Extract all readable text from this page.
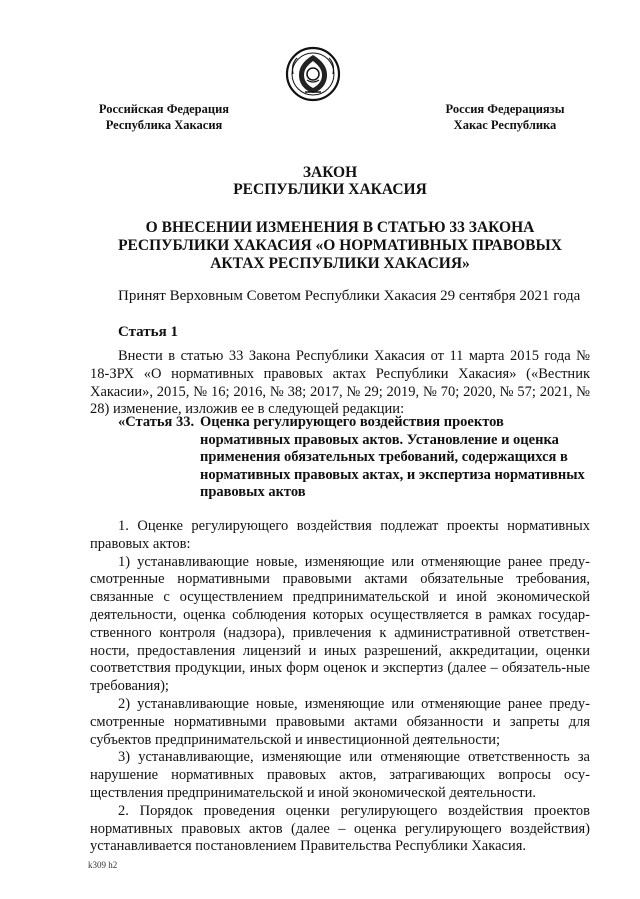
Российская Федерация
Республика Хакасия
Россия Федерациязы
Хакас Республика
ЗАКОН
РЕСПУБЛИКИ ХАКАСИЯ
О ВНЕСЕНИИ ИЗМЕНЕНИЯ В СТАТЬЮ 33 ЗАКОНА РЕСПУБЛИКИ ХАКАСИЯ «О НОРМАТИВНЫХ ПРАВОВЫХ АКТАХ РЕСПУБЛИКИ ХАКАСИЯ»
Принят Верховным Советом Республики Хакасия 29 сентября 2021 года
Статья 1

Внести в статью 33 Закона Республики Хакасия от 11 марта 2015 года № 18-ЗРХ «О нормативных правовых актах Республики Хакасия» («Вестник Хакасии», 2015, № 16; 2016, № 38; 2017, № 29; 2019, № 70; 2020, № 57; 2021, № 28) изменение, изложив ее в следующей редакции:

«Статья 33. Оценка регулирующего воздействия проектов нормативных правовых актов. Установление и оценка применения обязательных требований, содержащихся в нормативных правовых актах, и экспертиза нормативных правовых актов

1. Оценке регулирующего воздействия подлежат проекты нормативных правовых актов:

1) устанавливающие новые, изменяющие или отменяющие ранее преду-смотренные нормативными правовыми актами обязательные требования, связанные с осуществлением предпринимательской и иной экономической деятельности, оценка соблюдения которых осуществляется в рамках государ-ственного контроля (надзора), привлечения к административной ответствен-ности, предоставления лицензий и иных разрешений, аккредитации, оценки соответствия продукции, иных форм оценок и экспертиз (далее – обязатель-ные требования);

2) устанавливающие новые, изменяющие или отменяющие ранее преду-смотренные нормативными правовыми актами обязанности и запреты для субъектов предпринимательской и инвестиционной деятельности;

3) устанавливающие, изменяющие или отменяющие ответственность за нарушение нормативных правовых актов, затрагивающих вопросы осу-ществления предпринимательской и иной экономической деятельности.

2. Порядок проведения оценки регулирующего воздействия проектов нормативных правовых актов (далее – оценка регулирующего воздействия) устанавливается постановлением Правительства Республики Хакасия.

k309 h2
